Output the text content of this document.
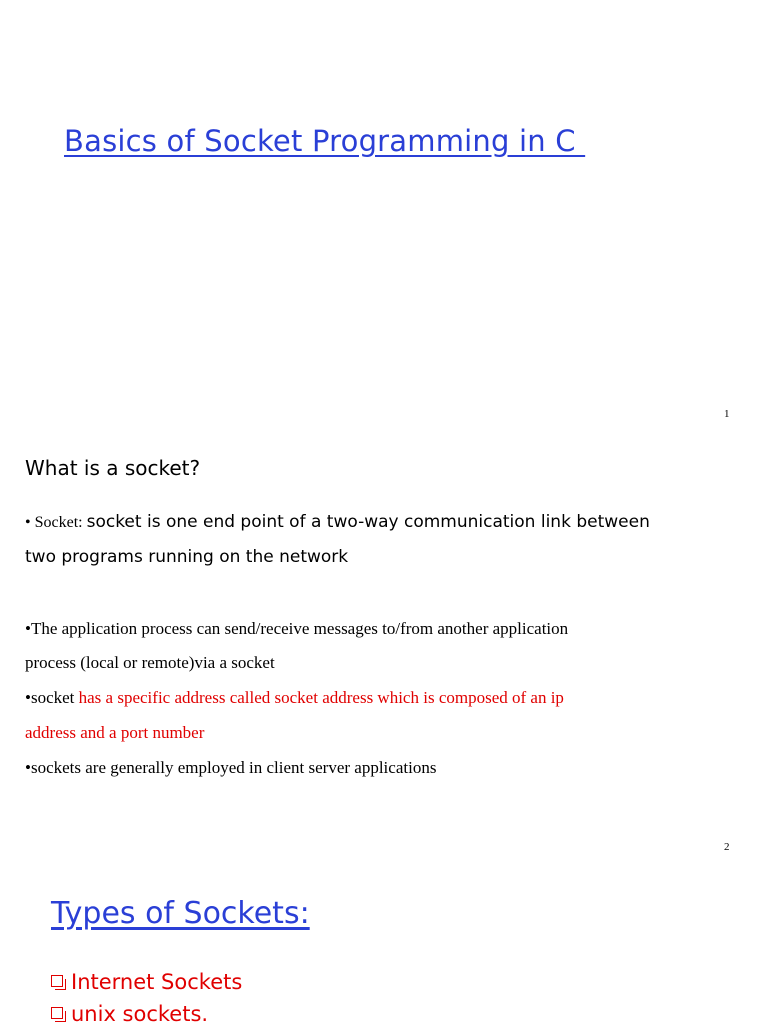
Basics of Socket Programming in C
1
What is a socket?
• Socket: socket is one end point of a two-way communication link between
two programs running on the network
•The application process can send/receive messages to/from another application
process (local or remote)via a socket
•socket has a specific address called socket address which is composed of an ip
address and a port number
•sockets are generally employed in client server applications
2
Types of Sockets:
Internet Sockets
unix sockets.
